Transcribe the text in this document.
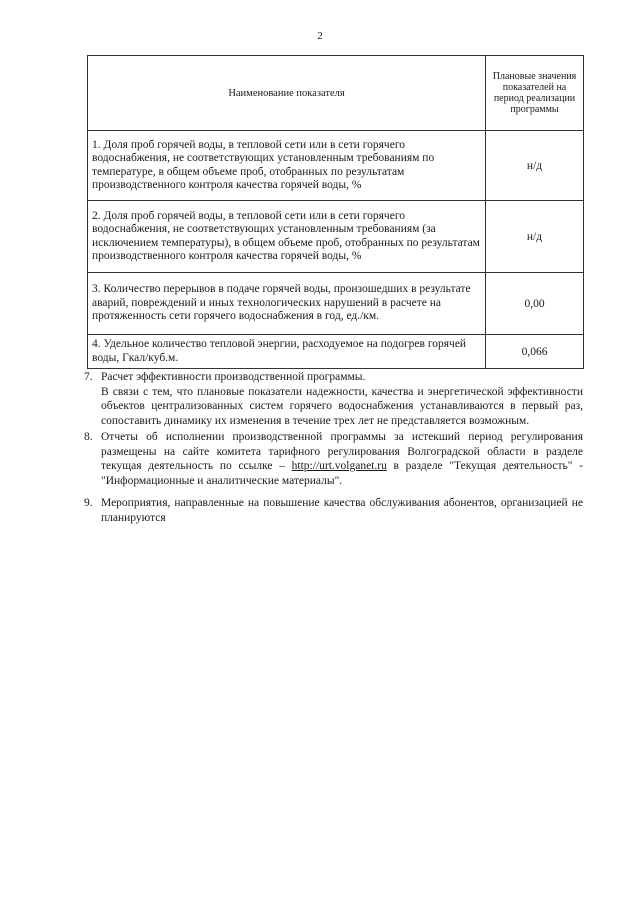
2
Наименование показателя	Плановые значения показателей на период реализации программы
1. Доля проб горячей воды, в тепловой сети или в сети горячего водоснабжения, не соответствующих установленным требованиям по температуре, в общем объеме проб, отобранных по результатам производственного контроля качества горячей воды, %	н/д
2. Доля проб горячей воды, в тепловой сети или в сети горячего водоснабжения, не соответствующих установленным требованиям (за исключением температуры), в общем объеме проб, отобранных по результатам производственного контроля качества горячей воды, %	н/д
3. Количество перерывов в подаче горячей воды, произошедших в результате аварий, повреждений и иных технологических нарушений в расчете на протяженность сети горячего водоснабжения в год, ед./км.	0,00
4. Удельное количество тепловой энергии, расходуемое на подогрев горячей воды, Гкал/куб.м.	0,066
7. Расчет эффективности производственной программы.

В связи с тем, что плановые показатели надежности, качества и энергетической эффективности объектов централизованных систем горячего водоснабжения устанавливаются в первый раз, сопоставить динамику их изменения в течение трех лет не представляется возможным.

8. Отчеты об исполнении производственной программы за истекший период регулирования размещены на сайте комитета тарифного регулирования Волгоградской области в разделе текущая деятельность по ссылке – http://urt.volganet.ru в разделе "Текущая деятельность" - "Информационные и аналитические материалы".

9. Мероприятия, направленные на повышение качества обслуживания абонентов, организацией не планируются
